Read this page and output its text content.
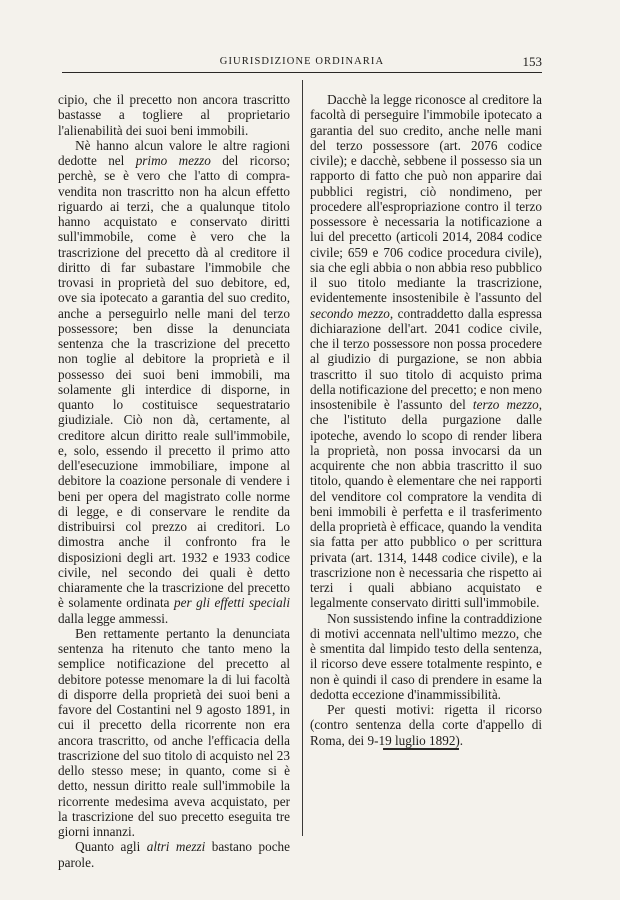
GIURISDIZIONE ORDINARIA	153

cipio, che il precetto non ancora trascritto bastasse a togliere al proprietario l'alienabilità dei suoi beni immobili.

Nè hanno alcun valore le altre ragioni dedotte nel primo mezzo del ricorso; perchè, se è vero che l'atto di compra-vendita non trascritto non ha alcun effetto riguardo ai terzi, che a qualunque titolo hanno acquistato e conservato diritti sull'immobile, come è vero che la trascrizione del precetto dà al creditore il diritto di far subastare l'immobile che trovasi in proprietà del suo debitore, ed, ove sia ipotecato a garantia del suo credito, anche a perseguirlo nelle mani del terzo possessore; ben disse la denunciata sentenza che la trascrizione del precetto non toglie al debitore la proprietà e il possesso dei suoi beni immobili, ma solamente gli interdice di disporne, in quanto lo costituisce sequestratario giudiziale. Ciò non dà, certamente, al creditore alcun diritto reale sull'immobile, e, solo, essendo il precetto il primo atto dell'esecuzione immobiliare, impone al debitore la coazione personale di vendere i beni per opera del magistrato colle norme di legge, e di conservare le rendite da distribuirsi col prezzo ai creditori. Lo dimostra anche il confronto fra le disposizioni degli art. 1932 e 1933 codice civile, nel secondo dei quali è detto chiaramente che la trascrizione del precetto è solamente ordinata per gli effetti speciali dalla legge ammessi.

Ben rettamente pertanto la denunciata sentenza ha ritenuto che tanto meno la semplice notificazione del precetto al debitore potesse menomare la di lui facoltà di disporre della proprietà dei suoi beni a favore del Costantini nel 9 agosto 1891, in cui il precetto della ricorrente non era ancora trascritto, od anche l'efficacia della trascrizione del suo titolo di acquisto nel 23 dello stesso mese; in quanto, come si è detto, nessun diritto reale sull'immobile la ricorrente medesima aveva acquistato, per la trascrizione del suo precetto eseguita tre giorni innanzi.

Quanto agli altri mezzi bastano poche parole.

Dacchè la legge riconosce al creditore la facoltà di perseguire l'immobile ipotecato a garantia del suo credito, anche nelle mani del terzo possessore (art. 2076 codice civile); e dacchè, sebbene il possesso sia un rapporto di fatto che può non apparire dai pubblici registri, ciò nondimeno, per procedere all'espropriazione contro il terzo possessore è necessaria la notificazione a lui del precetto (articoli 2014, 2084 codice civile; 659 e 706 codice procedura civile), sia che egli abbia o non abbia reso pubblico il suo titolo mediante la trascrizione, evidentemente insostenibile è l'assunto del secondo mezzo, contraddetto dalla espressa dichiarazione dell'art. 2041 codice civile, che il terzo possessore non possa procedere al giudizio di purgazione, se non abbia trascritto il suo titolo di acquisto prima della notificazione del precetto; e non meno insostenibile è l'assunto del terzo mezzo, che l'istituto della purgazione dalle ipoteche, avendo lo scopo di render libera la proprietà, non possa invocarsi da un acquirente che non abbia trascritto il suo titolo, quando è elementare che nei rapporti del venditore col compratore la vendita di beni immobili è perfetta e il trasferimento della proprietà è efficace, quando la vendita sia fatta per atto pubblico o per scrittura privata (art. 1314, 1448 codice civile), e la trascrizione non è necessaria che rispetto ai terzi i quali abbiano acquistato e legalmente conservato diritti sull'immobile.

Non sussistendo infine la contraddizione di motivi accennata nell'ultimo mezzo, che è smentita dal limpido testo della sentenza, il ricorso deve essere totalmente respinto, e non è quindi il caso di prendere in esame la dedotta eccezione d'inammissibilità.

Per questi motivi: rigetta il ricorso (contro sentenza della corte d'appello di Roma, dei 9-19 luglio 1892).
